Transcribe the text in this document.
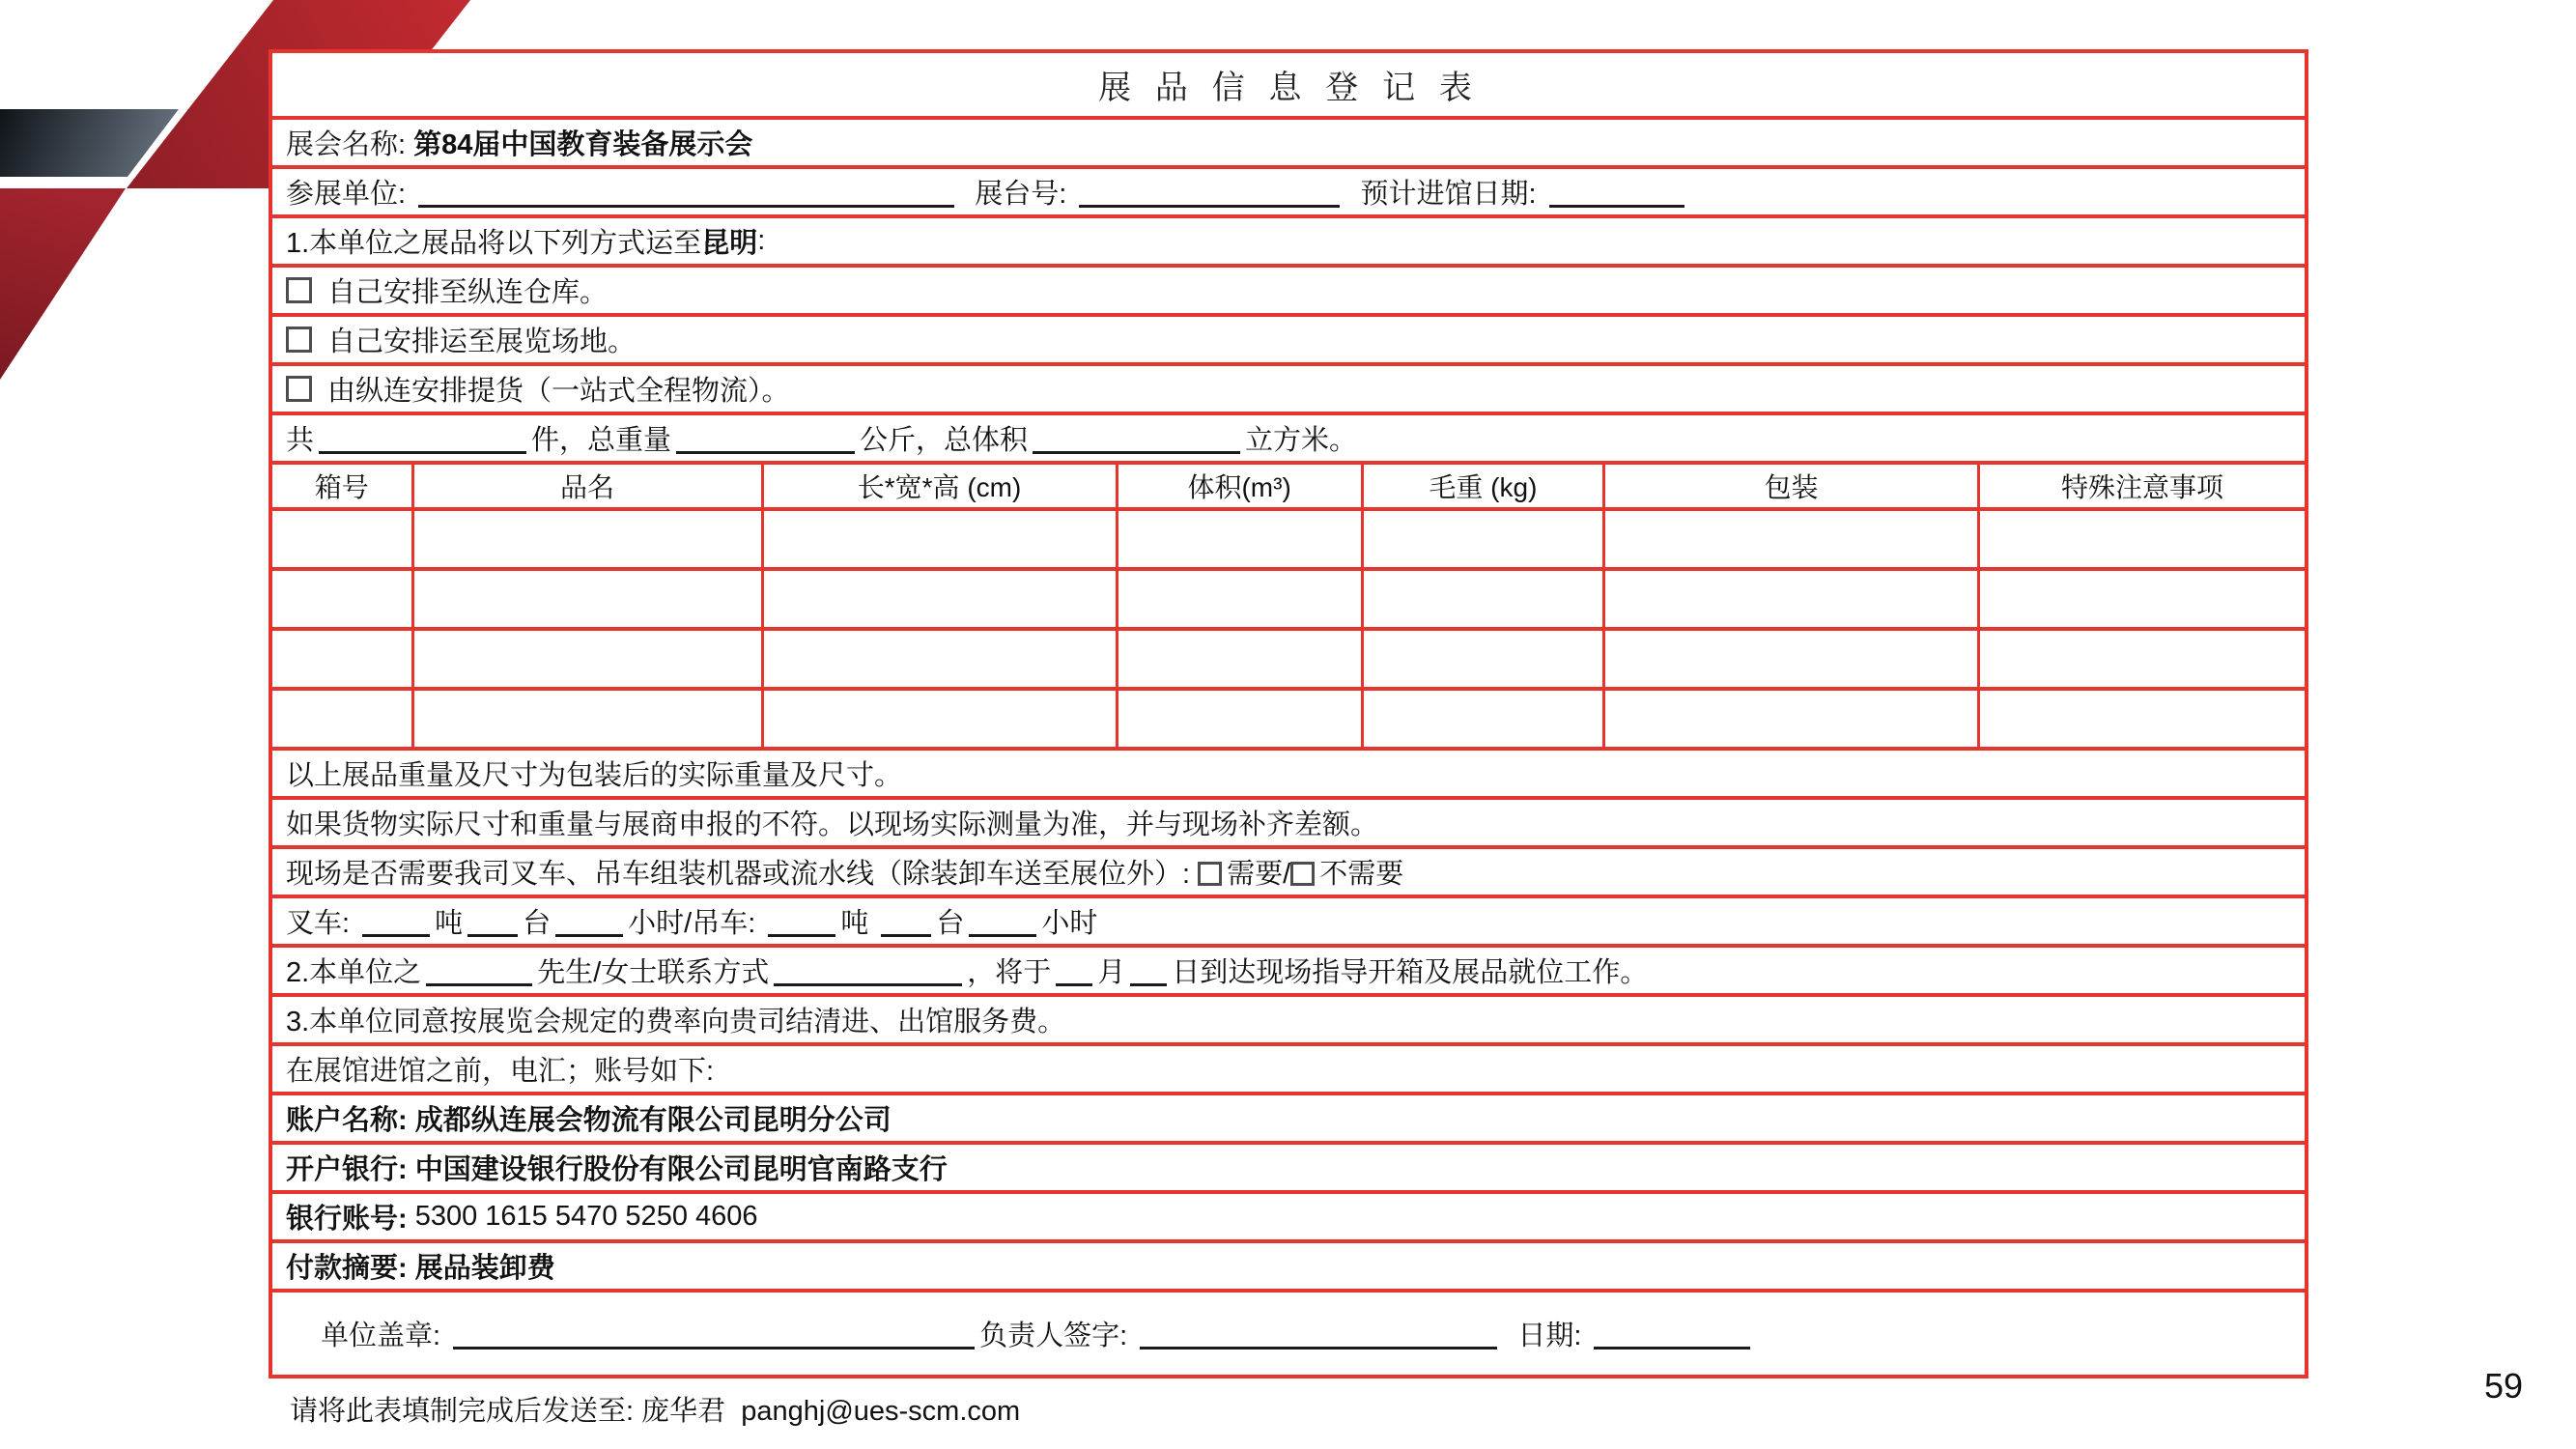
展 品 信 息 登 记 表
展会名称: 第84届中国教育装备展示会
参展单位:	展台号:	预计进馆日期:
1.本单位之展品将以下列方式运至 昆明 :
自己安排至纵连仓库。
自己安排运至展览场地。
由纵连安排提货（一站式全程物流）。
共	件，总重量	公斤，总体积	立方米。
箱号	品名	长*宽*高 (cm)	体积(m³)	毛重 (kg)	包装	特殊注意事项
以上展品重量及尺寸为包装后的实际重量及尺寸。
如果货物实际尺寸和重量与展商申报的不符。以现场实际测量为准，并与现场补齐差额。
现场是否需要我司叉车、吊车组装机器或流水线（除装卸车送至展位外）: 需要/ 不需要
叉车:	吨 台	小时/吊车:	吨 台	小时
2.本单位之	先生/女士联系方式	，将于 月 日到达现场指导开箱及展品就位工作。
3.本单位同意按展览会规定的费率向贵司结清进、出馆服务费。
在展馆进馆之前，电汇；账号如下:
账户名称: 成都纵连展会物流有限公司昆明分公司
开户银行: 中国建设银行股份有限公司昆明官南路支行
银行账号: 5300 1615 5470 5250 4606
付款摘要: 展品装卸费
单位盖章:	负责人签字:	日期:
请将此表填制完成后发送至: 庞华君  panghj@ues-scm.com
59
